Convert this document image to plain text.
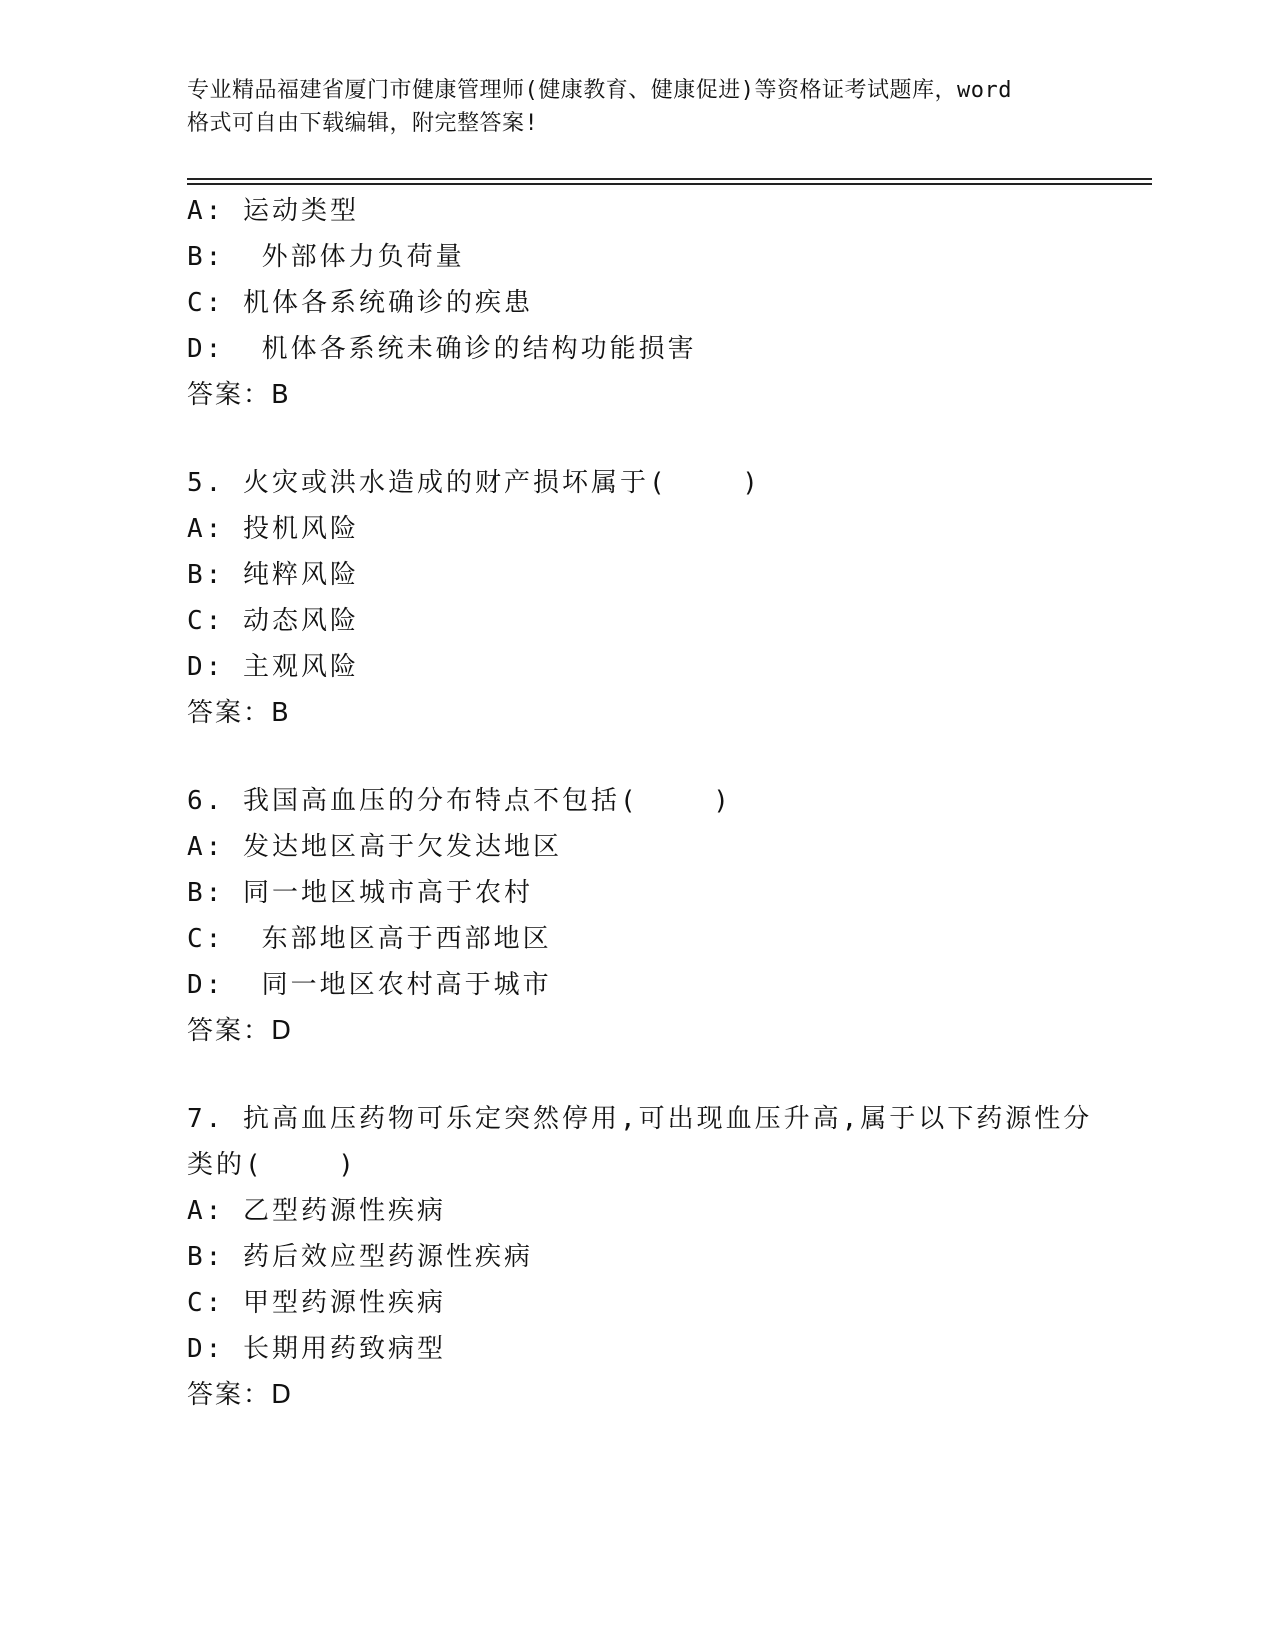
专业精品福建省厦门市健康管理师(健康教育、健康促进)等资格证考试题库，word
格式可自由下载编辑，附完整答案!
A: 运动类型
B:  外部体力负荷量
C: 机体各系统确诊的疾患
D:  机体各系统未确诊的结构功能损害
答案：B
5. 火灾或洪水造成的财产损坏属于(    )
A: 投机风险
B: 纯粹风险
C: 动态风险
D: 主观风险
答案：B
6. 我国高血压的分布特点不包括(    )
A: 发达地区高于欠发达地区
B: 同一地区城市高于农村
C:  东部地区高于西部地区
D:  同一地区农村高于城市
答案：D
7. 抗高血压药物可乐定突然停用,可出现血压升高,属于以下药源性分
类的(    )
A: 乙型药源性疾病
B: 药后效应型药源性疾病
C: 甲型药源性疾病
D: 长期用药致病型
答案：D
